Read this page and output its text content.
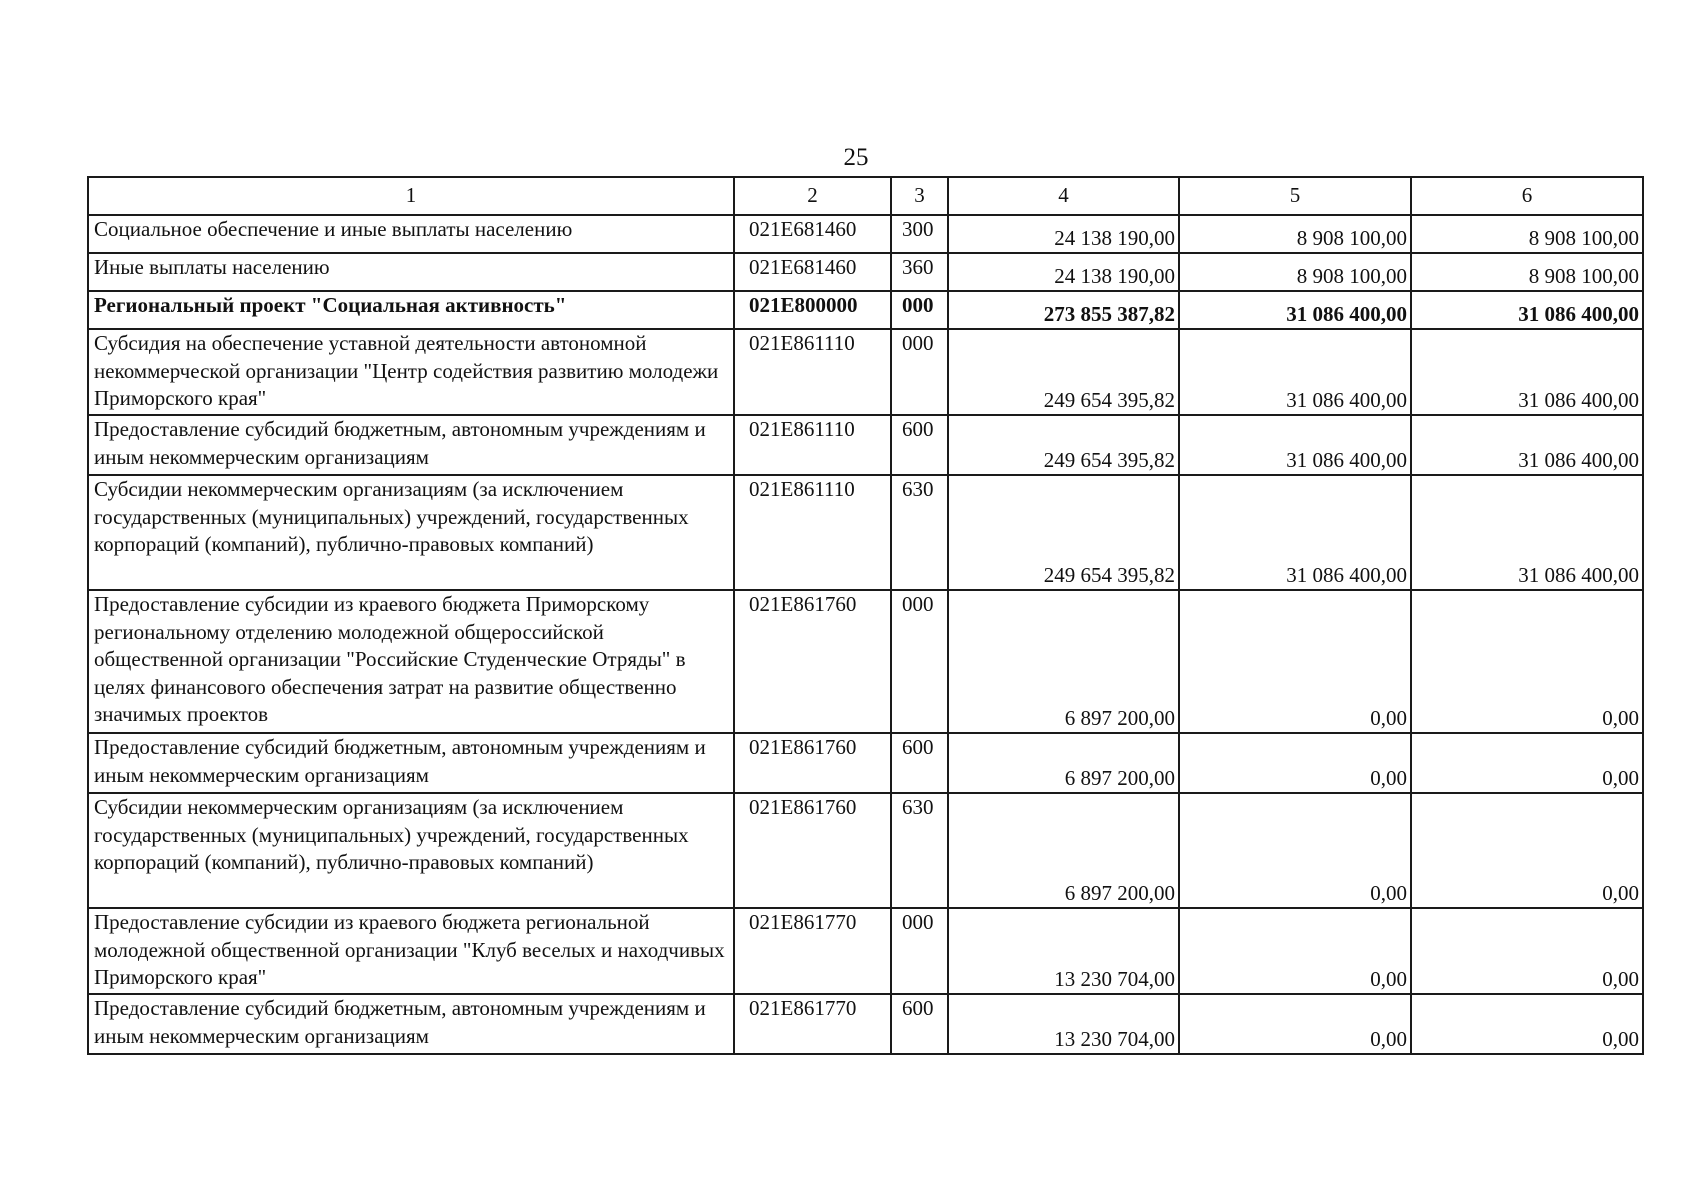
25
1	2	3	4	5	6
Социальное обеспечение и иные выплаты населению	021E681460	300	24 138 190,00	8 908 100,00	8 908 100,00
Иные выплаты населению	021E681460	360	24 138 190,00	8 908 100,00	8 908 100,00
Региональный проект "Социальная активность"	021E800000	000	273 855 387,82	31 086 400,00	31 086 400,00
Субсидия на обеспечение уставной деятельности автономной некоммерческой организации "Центр содействия развитию молодежи Приморского края"	021E861110	000	249 654 395,82	31 086 400,00	31 086 400,00
Предоставление субсидий бюджетным, автономным учреждениям и иным некоммерческим организациям	021E861110	600	249 654 395,82	31 086 400,00	31 086 400,00
Субсидии некоммерческим организациям (за исключением государственных (муниципальных) учреждений, государственных корпораций (компаний), публично-правовых компаний)	021E861110	630	249 654 395,82	31 086 400,00	31 086 400,00
Предоставление субсидии из краевого бюджета Приморскому региональному отделению молодежной общероссийской общественной организации "Российские Студенческие Отряды" в целях финансового обеспечения затрат на развитие общественно значимых проектов	021E861760	000	6 897 200,00	0,00	0,00
Предоставление субсидий бюджетным, автономным учреждениям и иным некоммерческим организациям	021E861760	600	6 897 200,00	0,00	0,00
Субсидии некоммерческим организациям (за исключением государственных (муниципальных) учреждений, государственных корпораций (компаний), публично-правовых компаний)	021E861760	630	6 897 200,00	0,00	0,00
Предоставление субсидии из краевого бюджета региональной молодежной общественной организации "Клуб веселых и находчивых Приморского края"	021E861770	000	13 230 704,00	0,00	0,00
Предоставление субсидий бюджетным, автономным учреждениям и иным некоммерческим организациям	021E861770	600	13 230 704,00	0,00	0,00
